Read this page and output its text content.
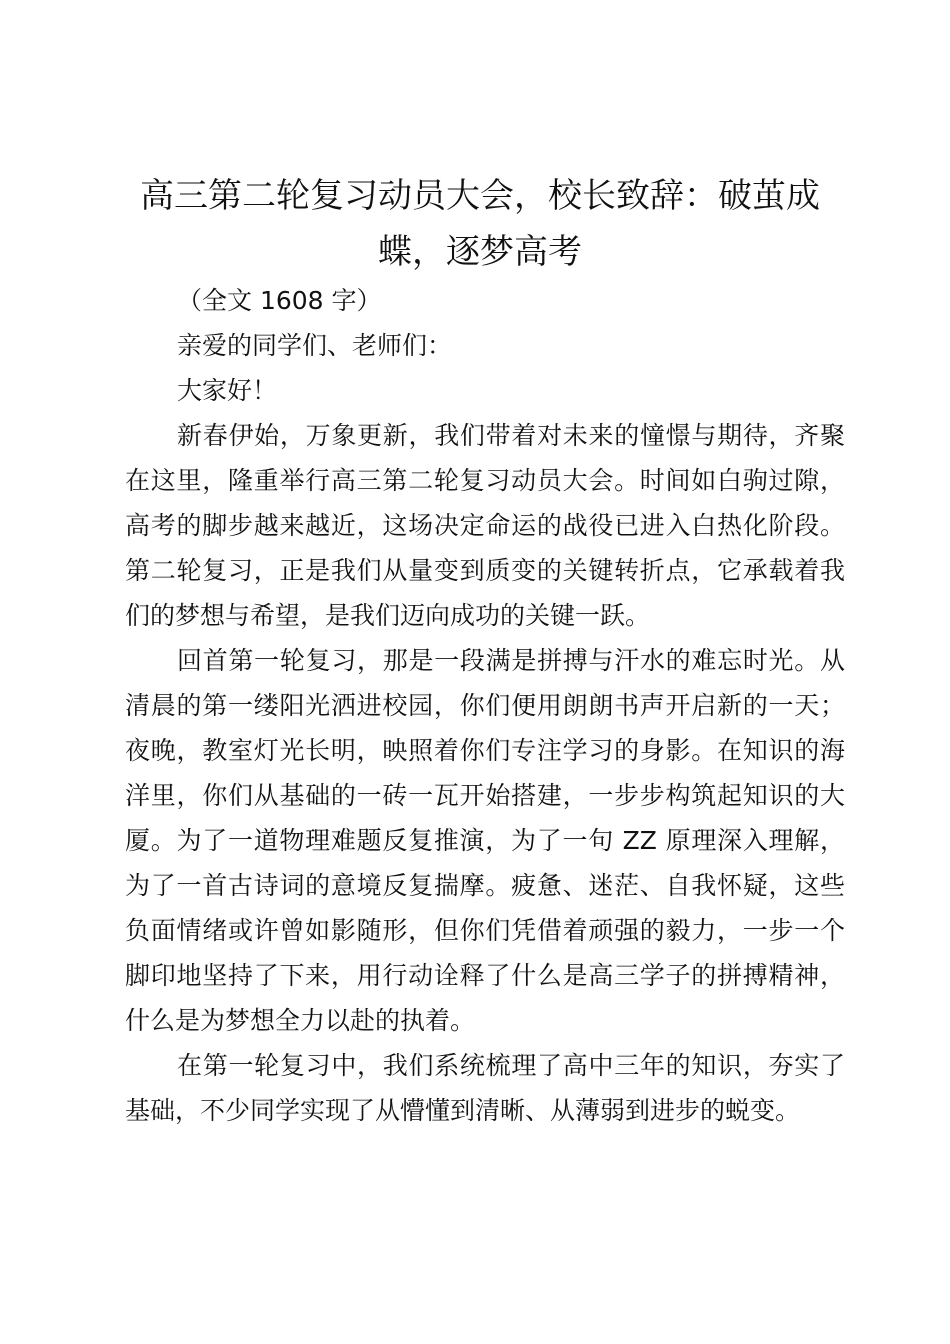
高三第二轮复习动员大会，校长致辞：破茧成蝶，逐梦高考

（全文 1608 字）

亲爱的同学们、老师们：

大家好！

新春伊始，万象更新，我们带着对未来的憧憬与期待，齐聚在这里，隆重举行高三第二轮复习动员大会。时间如白驹过隙，高考的脚步越来越近，这场决定命运的战役已进入白热化阶段。第二轮复习，正是我们从量变到质变的关键转折点，它承载着我们的梦想与希望，是我们迈向成功的关键一跃。

回首第一轮复习，那是一段满是拼搏与汗水的难忘时光。从清晨的第一缕阳光洒进校园，你们便用朗朗书声开启新的一天；夜晚，教室灯光长明，映照着你们专注学习的身影。在知识的海洋里，你们从基础的一砖一瓦开始搭建，一步步构筑起知识的大厦。为了一道物理难题反复推演，为了一句 ZZ 原理深入理解，为了一首古诗词的意境反复揣摩。疲惫、迷茫、自我怀疑，这些负面情绪或许曾如影随形，但你们凭借着顽强的毅力，一步一个脚印地坚持了下来，用行动诠释了什么是高三学子的拼搏精神，什么是为梦想全力以赴的执着。

在第一轮复习中，我们系统梳理了高中三年的知识，夯实了基础，不少同学实现了从懵懂到清晰、从薄弱到进步的蜕变。
